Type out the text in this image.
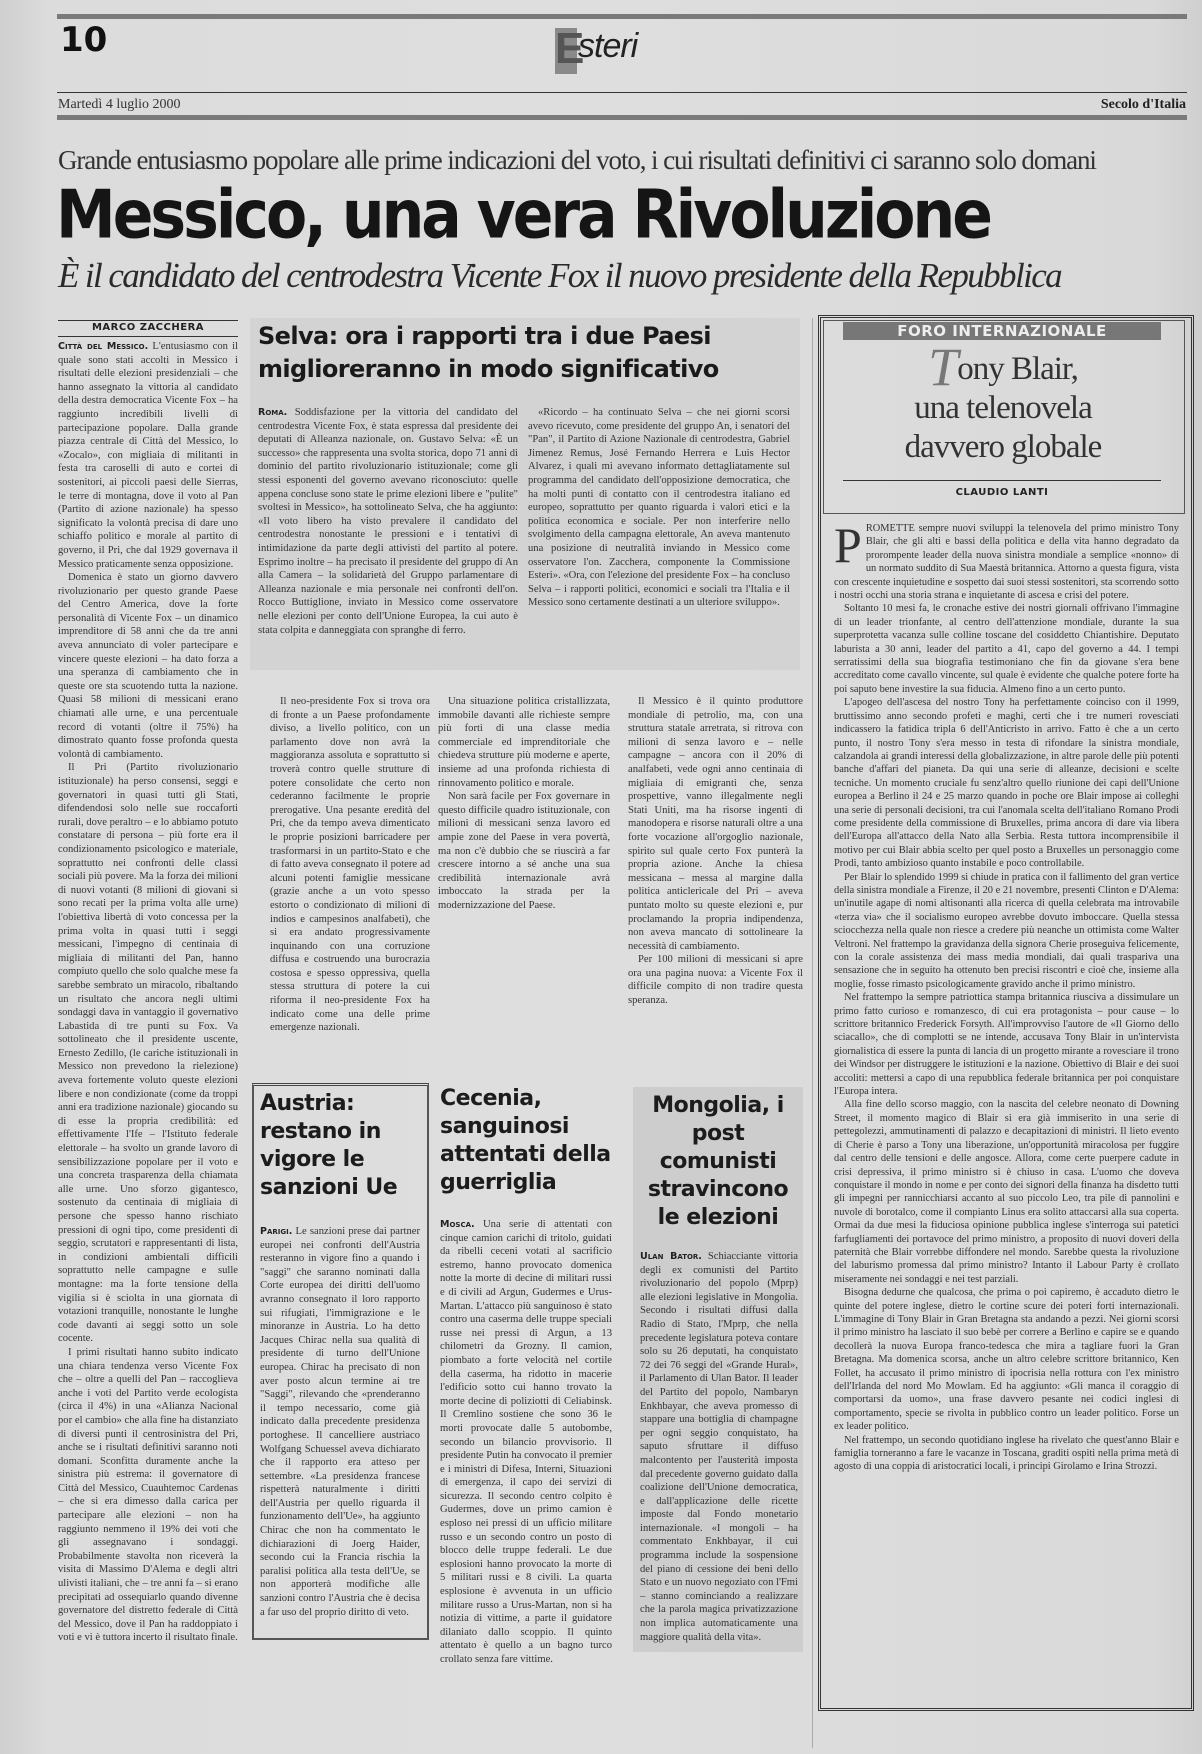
10	E
steri
Martedì 4 luglio 2000	Secolo d'Italia
Grande entusiasmo popolare alle prime indicazioni del voto, i cui risultati definitivi ci saranno solo domani
Messico, una vera Rivoluzione
È il candidato del centrodestra Vicente Fox il nuovo presidente della Repubblica
MARCO ZACCHERA

Città del Messico. L'entusiasmo con il quale sono stati accolti in Messico i risultati delle elezioni presidenziali – che hanno assegnato la vittoria al candidato della destra democratica Vicente Fox – ha raggiunto incredibili livelli di partecipazione popolare. Dalla grande piazza centrale di Città del Messico, lo «Zocalo», con migliaia di militanti in festa tra caroselli di auto e cortei di sostenitori, ai piccoli paesi delle Sierras, le terre di montagna, dove il voto al Pan (Partito di azione nazionale) ha spesso significato la volontà precisa di dare uno schiaffo politico e morale al partito di governo, il Pri, che dal 1929 governava il Messico praticamente senza opposizione.

Domenica è stato un giorno davvero rivoluzionario per questo grande Paese del Centro America, dove la forte personalità di Vicente Fox – un dinamico imprenditore di 58 anni che da tre anni aveva annunciato di voler partecipare e vincere queste elezioni – ha dato forza a una speranza di cambiamento che in queste ore sta scuotendo tutta la nazione. Quasi 58 milioni di messicani erano chiamati alle urne, e una percentuale record di votanti (oltre il 75%) ha dimostrato quanto fosse profonda questa volontà di cambiamento.

Il Pri (Partito rivoluzionario istituzionale) ha perso consensi, seggi e governatori in quasi tutti gli Stati, difendendosi solo nelle sue roccaforti rurali, dove peraltro – e lo abbiamo potuto constatare di persona – più forte era il condizionamento psicologico e materiale, soprattutto nei confronti delle classi sociali più povere. Ma la forza dei milioni di nuovi votanti (8 milioni di giovani si sono recati per la prima volta alle urne) l'obiettiva libertà di voto concessa per la prima volta in quasi tutti i seggi messicani, l'impegno di centinaia di migliaia di militanti del Pan, hanno compiuto quello che solo qualche mese fa sarebbe sembrato un miracolo, ribaltando un risultato che ancora negli ultimi sondaggi dava in vantaggio il governativo Labastida di tre punti su Fox. Va sottolineato che il presidente uscente, Ernesto Zedillo, (le cariche istituzionali in Messico non prevedono la rielezione) aveva fortemente voluto queste elezioni libere e non condizionate (come da troppi anni era tradizione nazionale) giocando su di esse la propria credibilità: ed effettivamente l'Ife – l'Istituto federale elettorale – ha svolto un grande lavoro di sensibilizzazione popolare per il voto e una concreta trasparenza della chiamata alle urne. Uno sforzo gigantesco, sostenuto da centinaia di migliaia di persone che spesso hanno rischiato pressioni di ogni tipo, come presidenti di seggio, scrutatori e rappresentanti di lista, in condizioni ambientali difficili soprattutto nelle campagne e sulle montagne: ma la forte tensione della vigilia si è sciolta in una giornata di votazioni tranquille, nonostante le lunghe code davanti ai seggi sotto un sole cocente.

I primi risultati hanno subito indicato una chiara tendenza verso Vicente Fox che – oltre a quelli del Pan – raccoglieva anche i voti del Partito verde ecologista (circa il 4%) in una «Alianza Nacional por el cambio» che alla fine ha distanziato di diversi punti il centrosinistra del Pri, anche se i risultati definitivi saranno noti domani. Sconfitta duramente anche la sinistra più estrema: il governatore di Città del Messico, Cuauhtemoc Cardenas – che si era dimesso dalla carica per partecipare alle elezioni – non ha raggiunto nemmeno il 19% dei voti che gli assegnavano i sondaggi. Probabilmente stavolta non riceverà la visita di Massimo D'Alema e degli altri ulivisti italiani, che – tre anni fa – si erano precipitati ad ossequiarlo quando divenne governatore del distretto federale di Città del Messico, dove il Pan ha raddoppiato i voti e vi è tuttora incerto il risultato finale.

Selva: ora i rapporti tra i due Paesi miglioreranno in modo significativo

Roma. Soddisfazione per la vittoria del candidato del centrodestra Vicente Fox, è stata espressa dal presidente dei deputati di Alleanza nazionale, on. Gustavo Selva: «È un successo» che rappresenta una svolta storica, dopo 71 anni di dominio del partito rivoluzionario istituzionale; come gli stessi esponenti del governo avevano riconosciuto: quelle appena concluse sono state le prime elezioni libere e "pulite" svoltesi in Messico», ha sottolineato Selva, che ha aggiunto: «Il voto libero ha visto prevalere il candidato del centrodestra nonostante le pressioni e i tentativi di intimidazione da parte degli attivisti del partito al potere. Esprimo inoltre – ha precisato il presidente del gruppo di An alla Camera – la solidarietà del Gruppo parlamentare di Alleanza nazionale e mia personale nei confronti dell'on. Rocco Buttiglione, inviato in Messico come osservatore nelle elezioni per conto dell'Unione Europea, la cui auto è stata colpita e danneggiata con spranghe di ferro.

«Ricordo – ha continuato Selva – che nei giorni scorsi avevo ricevuto, come presidente del gruppo An, i senatori del "Pan", il Partito di Azione Nazionale di centrodestra, Gabriel Jimenez Remus, José Fernando Herrera e Luis Hector Alvarez, i quali mi avevano informato dettagliatamente sul programma del candidato dell'opposizione democratica, che ha molti punti di contatto con il centrodestra italiano ed europeo, soprattutto per quanto riguarda i valori etici e la politica economica e sociale. Per non interferire nello svolgimento della campagna elettorale, An aveva mantenuto una posizione di neutralità inviando in Messico come osservatore l'on. Zacchera, componente la Commissione Esteri». «Ora, con l'elezione del presidente Fox – ha concluso Selva – i rapporti politici, economici e sociali tra l'Italia e il Messico sono certamente destinati a un ulteriore sviluppo».

Il neo-presidente Fox si trova ora di fronte a un Paese profondamente diviso, a livello politico, con un parlamento dove non avrà la maggioranza assoluta e soprattutto si troverà contro quelle strutture di potere consolidate che certo non cederanno facilmente le proprie prerogative. Una pesante eredità del Pri, che da tempo aveva dimenticato le proprie posizioni barricadere per trasformarsi in un partito-Stato e che di fatto aveva consegnato il potere ad alcuni potenti famiglie messicane (grazie anche a un voto spesso estorto o condizionato di milioni di indios e campesinos analfabeti), che si era andato progressivamente inquinando con una corruzione diffusa e costruendo una burocrazia costosa e spesso oppressiva, quella stessa struttura di potere la cui riforma il neo-presidente Fox ha indicato come una delle prime emergenze nazionali.

Una situazione politica cristallizzata, immobile davanti alle richieste sempre più forti di una classe media commerciale ed imprenditoriale che chiedeva strutture più moderne e aperte, insieme ad una profonda richiesta di rinnovamento politico e morale.

Non sarà facile per Fox governare in questo difficile quadro istituzionale, con milioni di messicani senza lavoro ed ampie zone del Paese in vera povertà, ma non c'è dubbio che se riuscirà a far crescere intorno a sé anche una sua credibilità internazionale avrà imboccato la strada per la modernizzazione del Paese.

Il Messico è il quinto produttore mondiale di petrolio, ma, con una struttura statale arretrata, si ritrova con milioni di senza lavoro e – nelle campagne – ancora con il 20% di analfabeti, vede ogni anno centinaia di migliaia di emigranti che, senza prospettive, vanno illegalmente negli Stati Uniti, ma ha risorse ingenti di manodopera e risorse naturali oltre a una forte vocazione all'orgoglio nazionale, spirito sul quale certo Fox punterà la propria azione. Anche la chiesa messicana – messa al margine dalla politica anticlericale del Pri – aveva puntato molto su queste elezioni e, pur proclamando la propria indipendenza, non aveva mancato di sottolineare la necessità di cambiamento.

Per 100 milioni di messicani si apre ora una pagina nuova: a Vicente Fox il difficile compito di non tradire questa speranza.

Austria: restano in vigore le sanzioni Ue

Parigi. Le sanzioni prese dai partner europei nei confronti dell'Austria resteranno in vigore fino a quando i "saggi" che saranno nominati dalla Corte europea dei diritti dell'uomo avranno consegnato il loro rapporto sui rifugiati, l'immigrazione e le minoranze in Austria. Lo ha detto Jacques Chirac nella sua qualità di presidente di turno dell'Unione europea. Chirac ha precisato di non aver posto alcun termine ai tre "Saggi", rilevando che «prenderanno il tempo necessario, come già indicato dalla precedente presidenza portoghese. Il cancelliere austriaco Wolfgang Schuessel aveva dichiarato che il rapporto era atteso per settembre. «La presidenza francese rispetterà naturalmente i diritti dell'Austria per quello riguarda il funzionamento dell'Ue», ha aggiunto Chirac che non ha commentato le dichiarazioni di Joerg Haider, secondo cui la Francia rischia la paralisi politica alla testa dell'Ue, se non apporterà modifiche alle sanzioni contro l'Austria che è decisa a far uso del proprio diritto di veto.

Cecenia, sanguinosi attentati della guerriglia

Mosca. Una serie di attentati con cinque camion carichi di tritolo, guidati da ribelli ceceni votati al sacrificio estremo, hanno provocato domenica notte la morte di decine di militari russi e di civili ad Argun, Gudermes e Urus-Martan. L'attacco più sanguinoso è stato contro una caserma delle truppe speciali russe nei pressi di Argun, a 13 chilometri da Grozny. Il camion, piombato a forte velocità nel cortile della caserma, ha ridotto in macerie l'edificio sotto cui hanno trovato la morte decine di poliziotti di Celiabinsk. Il Cremlino sostiene che sono 36 le morti provocate dalle 5 autobombe, secondo un bilancio provvisorio. Il presidente Putin ha convocato il premier e i ministri di Difesa, Interni, Situazioni di emergenza, il capo dei servizi di sicurezza. Il secondo centro colpito è Gudermes, dove un primo camion è esploso nei pressi di un ufficio militare russo e un secondo contro un posto di blocco delle truppe federali. Le due esplosioni hanno provocato la morte di 5 militari russi e 8 civili. La quarta esplosione è avvenuta in un ufficio militare russo a Urus-Martan, non si ha notizia di vittime, a parte il guidatore dilaniato dallo scoppio. Il quinto attentato è quello a un bagno turco crollato senza fare vittime.

Mongolia, i post comunisti stravincono le elezioni

Ulan Bator. Schiacciante vittoria degli ex comunisti del Partito rivoluzionario del popolo (Mprp) alle elezioni legislative in Mongolia. Secondo i risultati diffusi dalla Radio di Stato, l'Mprp, che nella precedente legislatura poteva contare solo su 26 deputati, ha conquistato 72 dei 76 seggi del «Grande Hural», il Parlamento di Ulan Bator. Il leader del Partito del popolo, Nambaryn Enkhbayar, che aveva promesso di stappare una bottiglia di champagne per ogni seggio conquistato, ha saputo sfruttare il diffuso malcontento per l'austerità imposta dal precedente governo guidato dalla coalizione dell'Unione democratica, e dall'applicazione delle ricette imposte dal Fondo monetario internazionale. «I mongoli – ha commentato Enkhbayar, il cui programma include la sospensione del piano di cessione dei beni dello Stato e un nuovo negoziato con l'Fmi – stanno cominciando a realizzare che la parola magica privatizzazione non implica automaticamente una maggiore qualità della vita».

FORO INTERNAZIONALE
Tony Blair,
una telenovela
davvero globale
CLAUDIO LANTI

PROMETTE sempre nuovi sviluppi la telenovela del primo ministro Tony Blair, che gli alti e bassi della politica e della vita hanno degradato da prorompente leader della nuova sinistra mondiale a semplice «nonno» di un normato suddito di Sua Maestà britannica. Attorno a questa figura, vista con crescente inquietudine e sospetto dai suoi stessi sostenitori, sta scorrendo sotto i nostri occhi una storia strana e inquietante di ascesa e crisi del potere.

Soltanto 10 mesi fa, le cronache estive dei nostri giornali offrivano l'immagine di un leader trionfante, al centro dell'attenzione mondiale, durante la sua superprotetta vacanza sulle colline toscane del cosiddetto Chiantishire. Deputato laburista a 30 anni, leader del partito a 41, capo del governo a 44. I tempi serratissimi della sua biografia testimoniano che fin da giovane s'era bene accreditato come cavallo vincente, sul quale è evidente che qualche potere forte ha poi saputo bene investire la sua fiducia. Almeno fino a un certo punto.

L'apogeo dell'ascesa del nostro Tony ha perfettamente coinciso con il 1999, bruttissimo anno secondo profeti e maghi, certi che i tre numeri rovesciati indicassero la fatidica tripla 6 dell'Anticristo in arrivo. Fatto è che a un certo punto, il nostro Tony s'era messo in testa di rifondare la sinistra mondiale, calzandola ai grandi interessi della globalizzazione, in altre parole delle più potenti banche d'affari del pianeta. Da qui una serie di alleanze, decisioni e scelte tecniche. Un momento cruciale fu senz'altro quello riunione dei capi dell'Unione europea a Berlino il 24 e 25 marzo quando in poche ore Blair impose ai colleghi una serie di personali decisioni, tra cui l'anomala scelta dell'italiano Romano Prodi come presidente della commissione di Bruxelles, prima ancora di dare via libera dell'Europa all'attacco della Nato alla Serbia. Resta tuttora incomprensibile il motivo per cui Blair abbia scelto per quel posto a Bruxelles un personaggio come Prodi, tanto ambizioso quanto instabile e poco controllabile.

Per Blair lo splendido 1999 si chiude in pratica con il fallimento del gran vertice della sinistra mondiale a Firenze, il 20 e 21 novembre, presenti Clinton e D'Alema: un'inutile agape di nomi altisonanti alla ricerca di quella celebrata ma introvabile «terza via» che il socialismo europeo avrebbe dovuto imboccare. Quella stessa sciocchezza nella quale non riesce a credere più neanche un ottimista come Walter Veltroni. Nel frattempo la gravidanza della signora Cherie proseguiva felicemente, con la corale assistenza dei mass media mondiali, dai quali traspariva una sensazione che in seguito ha ottenuto ben precisi riscontri e cioè che, insieme alla moglie, fosse rimasto psicologicamente gravido anche il primo ministro.

Nel frattempo la sempre patriottica stampa britannica riusciva a dissimulare un primo fatto curioso e romanzesco, di cui era protagonista – pour cause – lo scrittore britannico Frederick Forsyth. All'improvviso l'autore de «Il Giorno dello sciacallo», che di complotti se ne intende, accusava Tony Blair in un'intervista giornalistica di essere la punta di lancia di un progetto mirante a rovesciare il trono dei Windsor per distruggere le istituzioni e la nazione. Obiettivo di Blair e dei suoi accoliti: mettersi a capo di una repubblica federale britannica per poi conquistare l'Europa intera.

Alla fine dello scorso maggio, con la nascita del celebre neonato di Downing Street, il momento magico di Blair si era già immiserito in una serie di pettegolezzi, ammutinamenti di palazzo e decapitazioni di ministri. Il lieto evento di Cherie è parso a Tony una liberazione, un'opportunità miracolosa per fuggire dal centro delle tensioni e delle angosce. Allora, come certe puerpere cadute in crisi depressiva, il primo ministro si è chiuso in casa. L'uomo che doveva conquistare il mondo in nome e per conto dei signori della finanza ha disdetto tutti gli impegni per rannicchiarsi accanto al suo piccolo Leo, tra pile di pannolini e nuvole di borotalco, come il compianto Linus era solito attaccarsi alla sua coperta. Ormai da due mesi la fiduciosa opinione pubblica inglese s'interroga sui patetici farfugliamenti dei portavoce del primo ministro, a proposito di nuovi doveri della paternità che Blair vorrebbe diffondere nel mondo. Sarebbe questa la rivoluzione del laburismo promessa dal primo ministro? Intanto il Labour Party è crollato miseramente nei sondaggi e nei test parziali.

Bisogna dedurne che qualcosa, che prima o poi capiremo, è accaduto dietro le quinte del potere inglese, dietro le cortine scure dei poteri forti internazionali. L'immagine di Tony Blair in Gran Bretagna sta andando a pezzi. Nei giorni scorsi il primo ministro ha lasciato il suo bebè per correre a Berlino e capire se e quando decollerà la nuova Europa franco-tedesca che mira a tagliare fuori la Gran Bretagna. Ma domenica scorsa, anche un altro celebre scrittore britannico, Ken Follet, ha accusato il primo ministro di ipocrisia nella rottura con l'ex ministro dell'Irlanda del nord Mo Mowlam. Ed ha aggiunto: «Gli manca il coraggio di comportarsi da uomo», una frase davvero pesante nei codici inglesi di comportamento, specie se rivolta in pubblico contro un leader politico. Forse un ex leader politico.

Nel frattempo, un secondo quotidiano inglese ha rivelato che quest'anno Blair e famiglia torneranno a fare le vacanze in Toscana, graditi ospiti nella prima metà di agosto di una coppia di aristocratici locali, i principi Girolamo e Irina Strozzi.
